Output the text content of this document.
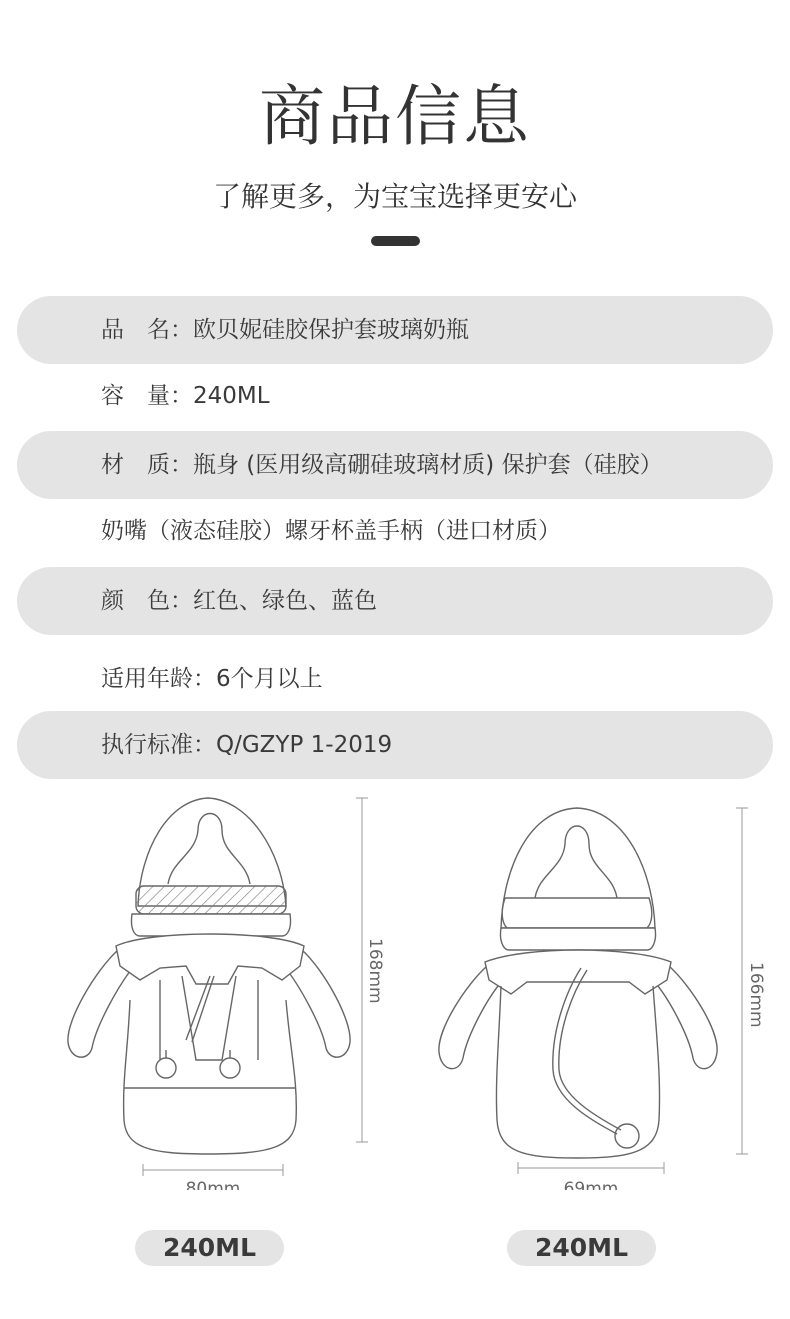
商品信息
了解更多，为宝宝选择更安心
品　名：欧贝妮硅胶保护套玻璃奶瓶
容　量：240ML
材　质：瓶身 (医用级高硼硅玻璃材质) 保护套（硅胶）
奶嘴（液态硅胶）螺牙杯盖手柄（进口材质）
颜　色：红色、绿色、蓝色
适用年龄：6个月以上
执行标准：Q/GZYP 1-2019
168mm
80mm
166mm
69mm
240ML	240ML
